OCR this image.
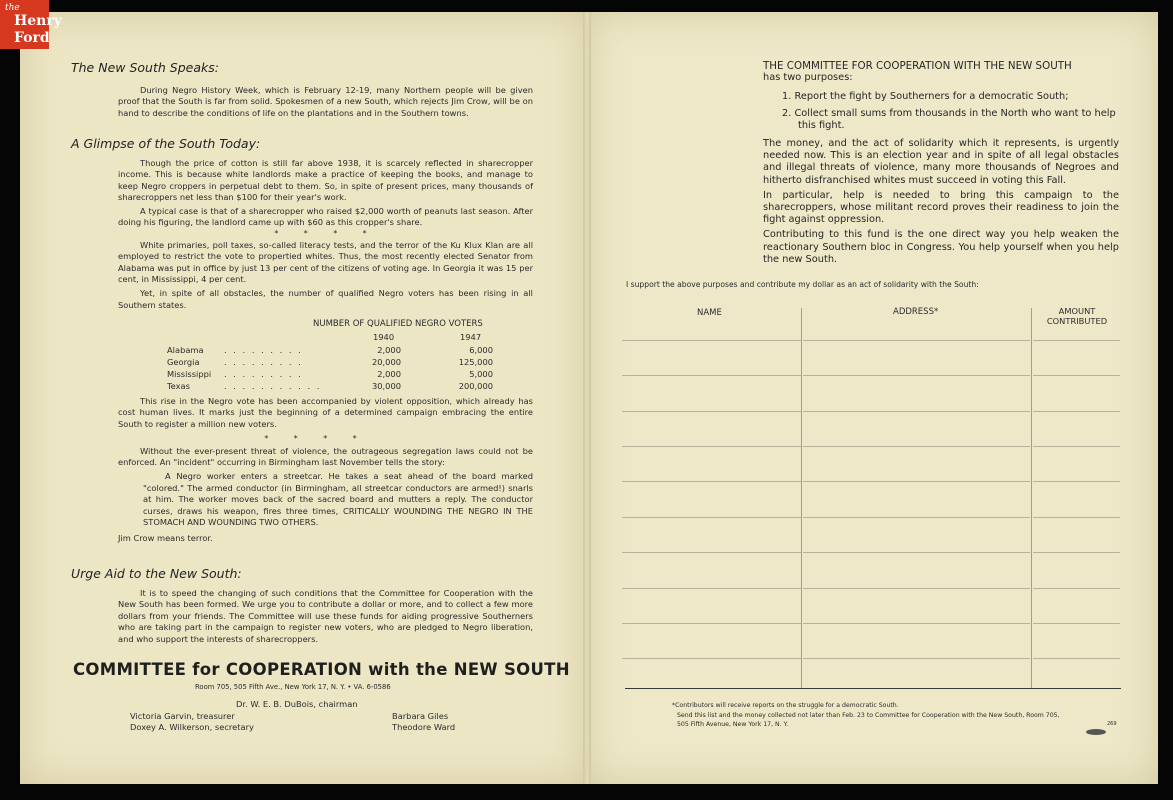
the
Henry
Ford
The New South Speaks:

During Negro History Week, which is February 12-19, many Northern people will be given proof that the South is far from solid. Spokesmen of a new South, which rejects Jim Crow, will be on hand to describe the conditions of life on the plantations and in the Southern towns.

A Glimpse of the South Today:

Though the price of cotton is still far above 1938, it is scarcely reflected in sharecropper income. This is because white landlords make a practice of keeping the books, and manage to keep Negro croppers in perpetual debt to them. So, in spite of present prices, many thousands of sharecroppers net less than $100 for their year's work.

A typical case is that of a sharecropper who raised $2,000 worth of peanuts last season. After doing his figuring, the landlord came up with $60 as this cropper's share.

*          *          *          *

White primaries, poll taxes, so-called literacy tests, and the terror of the Ku Klux Klan are all employed to restrict the vote to propertied whites. Thus, the most recently elected Senator from Alabama was put in office by just 13 per cent of the citizens of voting age. In Georgia it was 15 per cent, in Mississippi, 4 per cent.

Yet, in spite of all obstacles, the number of qualified Negro voters has been rising in all Southern states.

NUMBER OF QUALIFIED NEGRO VOTERS
1940	1947
Alabama	. . . . . . . . .	2,000	6,000
Georgia	. . . . . . . . .	20,000	125,000
Mississippi	. . . . . . . . .	2,000	5,000
Texas	. . . . . . . . . . .	30,000	200,000

This rise in the Negro vote has been accompanied by violent opposition, which already has cost human lives. It marks just the beginning of a determined campaign embracing the entire South to register a million new voters.

*          *          *          *

Without the ever-present threat of violence, the outrageous segregation laws could not be enforced. An "incident" occurring in Birmingham last November tells the story:

A Negro worker enters a streetcar. He takes a seat ahead of the board marked "colored." The armed conductor (in Birmingham, all streetcar conductors are armed!) snarls at him. The worker moves back of the sacred board and mutters a reply. The conductor curses, draws his weapon, fires three times, CRITICALLY WOUNDING THE NEGRO IN THE STOMACH AND WOUNDING TWO OTHERS.
Jim Crow means terror.
Urge Aid to the New South:

It is to speed the changing of such conditions that the Committee for Cooperation with the New South has been formed. We urge you to contribute a dollar or more, and to collect a few more dollars from your friends. The Committee will use these funds for aiding progressive Southerners who are taking part in the campaign to register new voters, who are pledged to Negro liberation, and who support the interests of sharecroppers.

COMMITTEE for COOPERATION with the NEW SOUTH
Room 705, 505 Fifth Ave., New York 17, N. Y. • VA. 6-0586
Dr. W. E. B. DuBois, chairman
Victoria Garvin, treasurer
Doxey A. Wilkerson, secretary
Barbara Giles
Theodore Ward
THE COMMITTEE FOR COOPERATION WITH THE NEW SOUTH
has two purposes:
1. Report the fight by Southerners for a democratic South;
2. Collect small sums from thousands in the North who want to help
this fight.

The money, and the act of solidarity which it represents, is urgently needed now. This is an election year and in spite of all legal obstacles and illegal threats of violence, many more thousands of Negroes and hitherto disfranchised whites must succeed in voting this Fall.

In particular, help is needed to bring this campaign to the sharecroppers, whose militant record proves their readiness to join the fight against oppression.

Contributing to this fund is the one direct way you help weaken the reactionary Southern bloc in Congress. You help yourself when you help the new South.

I support the above purposes and contribute my dollar as an act of solidarity with the South:
NAME	ADDRESS*	AMOUNT
CONTRIBUTED
*Contributors will receive reports on the struggle for a democratic South.
Send this list and the money collected not later than Feb. 23 to Committee for Cooperation with the New South, Room 705,
505 Fifth Avenue, New York 17, N. Y.	269
